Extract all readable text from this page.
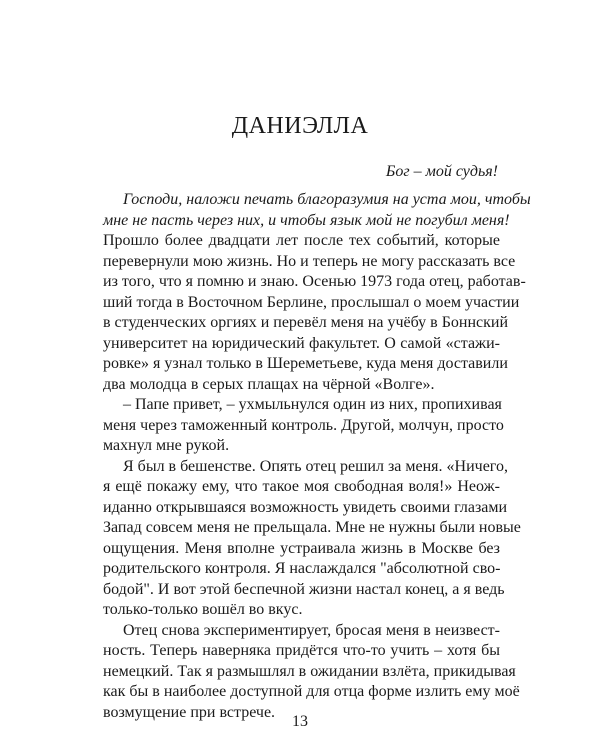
ДАНИЭЛЛА

Бог – мой судья!

Господи, наложи печать благоразумия на уста мои, чтобы
мне не пасть через них, и чтобы язык мой не погубил меня!
Прошло более двадцати лет после тех событий, которые
перевернули мою жизнь. Но и теперь не могу рассказать все
из того, что я помню и знаю. Осенью 1973 года отец, работав-
ший тогда в Восточном Берлине, прослышал о моем участии
в студенческих оргиях и перевёл меня на учёбу в Боннский
университет на юридический факультет. О самой «стажи-
ровке» я узнал только в Шереметьеве, куда меня доставили
два молодца в серых плащах на чёрной «Волге».
– Папе привет, – ухмыльнулся один из них, пропихивая
меня через таможенный контроль. Другой, молчун, просто
махнул мне рукой.
Я был в бешенстве. Опять отец решил за меня. «Ничего,
я ещё покажу ему, что такое моя свободная воля!» Неож-
иданно открывшаяся возможность увидеть своими глазами
Запад совсем меня не прельщала. Мне не нужны были новые
ощущения. Меня вполне устраивала жизнь в Москве без
родительского контроля. Я наслаждался "абсолютной сво-
бодой". И вот этой беспечной жизни настал конец, а я ведь
только-только вошёл во вкус.
Отец снова экспериментирует, бросая меня в неизвест-
ность. Теперь наверняка придётся что-то учить – хотя бы
немецкий. Так я размышлял в ожидании взлёта, прикидывая
как бы в наиболее доступной для отца форме излить ему моё
возмущение при встрече.

13
